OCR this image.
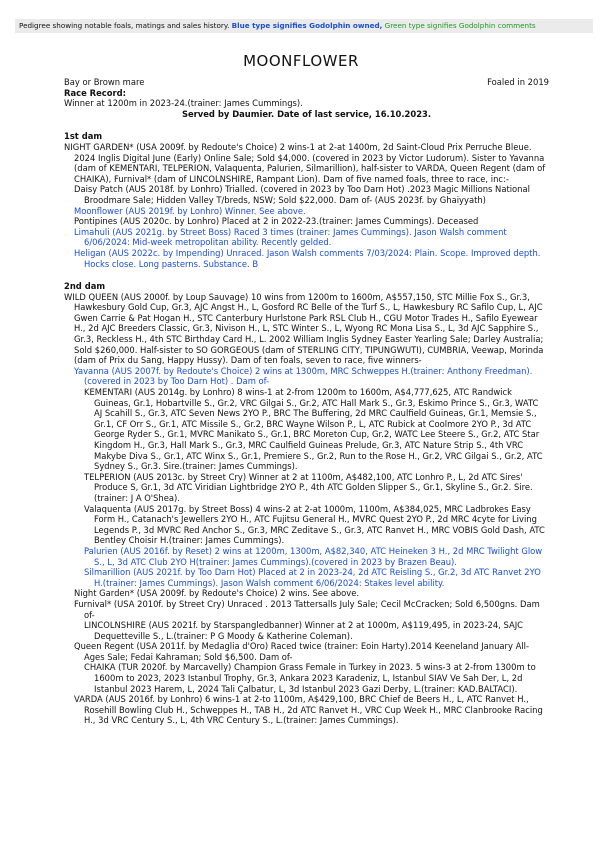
Pedigree showing notable foals, matings and sales history. Blue type signifies Godolphin owned, Green type signifies Godolphin comments
MOONFLOWER
Bay or Brown mare	Foaled in 2019
Race Record:
Winner at 1200m in 2023-24.(trainer: James Cummings).
Served by Daumier. Date of last service, 16.10.2023.
1st dam

NIGHT GARDEN* (USA 2009f. by Redoute's Choice) 2 wins-1 at 2-at 1400m, 2d Saint-Cloud Prix Perruche Bleue. 2024 Inglis Digital June (Early) Online Sale; Sold $4,000. (covered in 2023 by Victor Ludorum). Sister to Yavanna (dam of KEMENTARI, TELPERION, Valaquenta, Palurien, Silmarillion), half-sister to VARDA, Queen Regent (dam of CHAIKA), Furnival* (dam of LINCOLNSHIRE, Rampant Lion). Dam of five named foals, three to race, inc:-

Daisy Patch (AUS 2018f. by Lonhro) Trialled. (covered in 2023 by Too Darn Hot) .2023 Magic Millions National Broodmare Sale; Hidden Valley T/breds, NSW; Sold $22,000. Dam of- (AUS 2023f. by Ghaiyyath)

Moonflower (AUS 2019f. by Lonhro) Winner. See above.

Pontipines (AUS 2020c. by Lonhro) Placed at 2 in 2022-23.(trainer: James Cummings). Deceased

Limahuli (AUS 2021g. by Street Boss) Raced 3 times (trainer: James Cummings). Jason Walsh comment 6/06/2024: Mid-week metropolitan ability. Recently gelded.

Heligan (AUS 2022c. by Impending) Unraced. Jason Walsh comments 7/03/2024: Plain. Scope. Improved depth. Hocks close. Long pasterns. Substance. B

2nd dam

WILD QUEEN (AUS 2000f. by Loup Sauvage) 10 wins from 1200m to 1600m, A$557,150, STC Millie Fox S., Gr.3, Hawkesbury Gold Cup, Gr.3, AJC Angst H., L, Gosford RC Belle of the Turf S., L, Hawkesbury RC Safilo Cup, L, AJC Gwen Carrie & Pat Hogan H., STC Canterbury Hurlstone Park RSL Club H., CGU Motor Trades H., Safilo Eyewear H., 2d AJC Breeders Classic, Gr.3, Nivison H., L, STC Winter S., L, Wyong RC Mona Lisa S., L, 3d AJC Sapphire S., Gr.3, Reckless H., 4th STC Birthday Card H., L. 2002 William Inglis Sydney Easter Yearling Sale; Darley Australia; Sold $260,000. Half-sister to SO GORGEOUS (dam of STERLING CITY, TIPUNGWUTI), CUMBRIA, Veewap, Morinda (dam of Prix du Sang, Happy Hussy). Dam of ten foals, seven to race, five winners-

Yavanna (AUS 2007f. by Redoute's Choice) 2 wins at 1300m, MRC Schweppes H.(trainer: Anthony Freedman).(covered in 2023 by Too Darn Hot) . Dam of-

KEMENTARI (AUS 2014g. by Lonhro) 8 wins-1 at 2-from 1200m to 1600m, A$4,777,625, ATC Randwick Guineas, Gr.1, Hobartville S., Gr.2, VRC Gilgai S., Gr.2, ATC Hall Mark S., Gr.3, Eskimo Prince S., Gr.3, WATC AJ Scahill S., Gr.3, ATC Seven News 2YO P., BRC The Buffering, 2d MRC Caulfield Guineas, Gr.1, Memsie S., Gr.1, CF Orr S., Gr.1, ATC Missile S., Gr.2, BRC Wayne Wilson P., L, ATC Rubick at Coolmore 2YO P., 3d ATC George Ryder S., Gr.1, MVRC Manikato S., Gr.1, BRC Moreton Cup, Gr.2, WATC Lee Steere S., Gr.2, ATC Star Kingdom H., Gr.3, Hall Mark S., Gr.3, MRC Caulfield Guineas Prelude, Gr.3, ATC Nature Strip S., 4th VRC Makybe Diva S., Gr.1, ATC Winx S., Gr.1, Premiere S., Gr.2, Run to the Rose H., Gr.2, VRC Gilgai S., Gr.2, ATC Sydney S., Gr.3. Sire.(trainer: James Cummings).

TELPERION (AUS 2013c. by Street Cry) Winner at 2 at 1100m, A$482,100, ATC Lonhro P., L, 2d ATC Sires' Produce S, Gr.1, 3d ATC Viridian Lightbridge 2YO P., 4th ATC Golden Slipper S., Gr.1, Skyline S., Gr.2. Sire.(trainer: J A O'Shea).

Valaquenta (AUS 2017g. by Street Boss) 4 wins-2 at 2-at 1000m, 1100m, A$384,025, MRC Ladbrokes Easy Form H., Catanach's Jewellers 2YO H., ATC Fujitsu General H., MVRC Quest 2YO P., 2d MRC 4cyte for Living Legends P., 3d MVRC Red Anchor S., Gr.3, MRC Zeditave S., Gr.3, ATC Ranvet H., MRC VOBIS Gold Dash, ATC Bentley Choisir H.(trainer: James Cummings).

Palurien (AUS 2016f. by Reset) 2 wins at 1200m, 1300m, A$82,340, ATC Heineken 3 H., 2d MRC Twilight Glow S., L, 3d ATC Club 2YO H(trainer: James Cummings).(covered in 2023 by Brazen Beau).

Silmarillion (AUS 2021f. by Too Darn Hot) Placed at 2 in 2023-24, 2d ATC Reisling S., Gr.2, 3d ATC Ranvet 2YO H.(trainer: James Cummings). Jason Walsh comment 6/06/2024: Stakes level ability.

Night Garden* (USA 2009f. by Redoute's Choice) 2 wins. See above.

Furnival* (USA 2010f. by Street Cry) Unraced . 2013 Tattersalls July Sale; Cecil McCracken; Sold 6,500gns. Dam of-

LINCOLNSHIRE (AUS 2021f. by Starspangledbanner) Winner at 2 at 1000m, A$119,495, in 2023-24, SAJC Dequetteville S., L.(trainer: P G Moody & Katherine Coleman).

Queen Regent (USA 2011f. by Medaglia d'Oro) Raced twice (trainer: Eoin Harty).2014 Keeneland January All-Ages Sale; Fedai Kahraman; Sold $6,500. Dam of-

CHAIKA (TUR 2020f. by Marcavelly) Champion Grass Female in Turkey in 2023. 5 wins-3 at 2-from 1300m to 1600m to 2023, 2023 Istanbul Trophy, Gr.3, Ankara 2023 Karadeniz, L, Istanbul SIAV Ve Sah Der, L, 2d Istanbul 2023 Harem, L, 2024 Tali Çalbatur, L, 3d Istanbul 2023 Gazi Derby, L.(trainer: KAD.BALTACI).

VARDA (AUS 2016f. by Lonhro) 6 wins-1 at 2-to 1100m, A$429,100, BRC Chief de Beers H., L, ATC Ranvet H., Rosehill Bowling Club H., Schweppes H., TAB H., 2d ATC Ranvet H., VRC Cup Week H., MRC Clanbrooke Racing H., 3d VRC Century S., L, 4th VRC Century S., L.(trainer: James Cummings).
